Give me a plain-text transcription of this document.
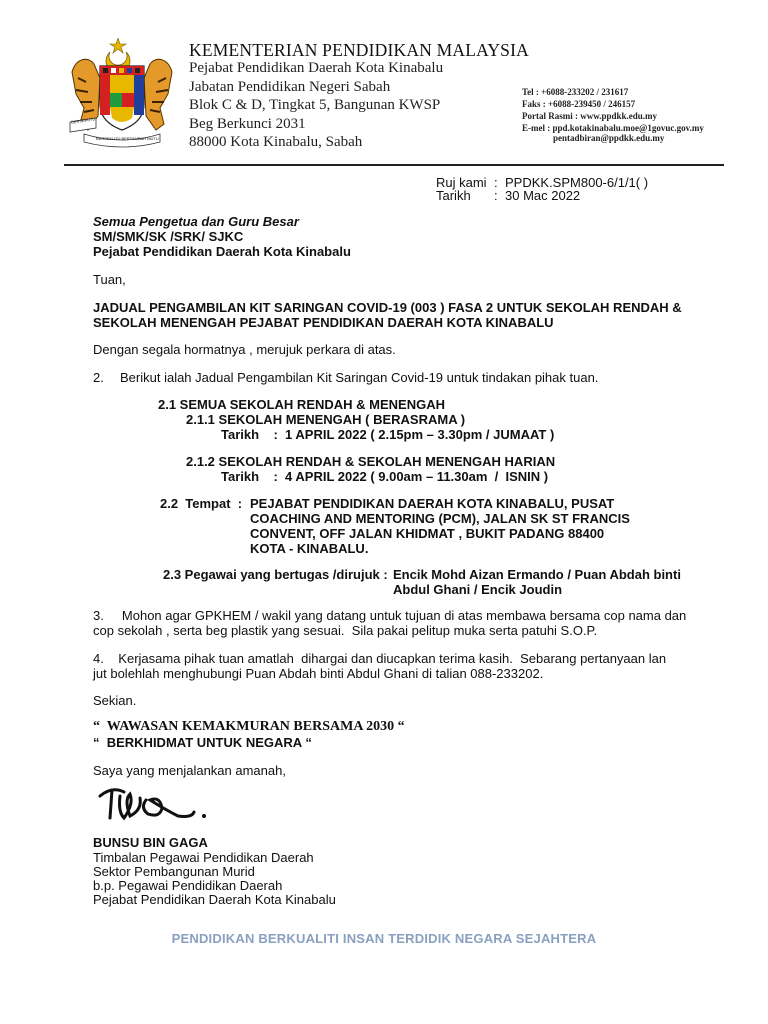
BERSEKUTU
BERSEKUTU BERTAMBAH MUTU
KEMENTERIAN PENDIDIKAN MALAYSIA
Pejabat Pendidikan Daerah Kota Kinabalu
Jabatan Pendidikan Negeri Sabah
Blok C & D, Tingkat 5, Bangunan KWSP
Beg Berkunci 2031
88000 Kota Kinabalu, Sabah
Tel : +6088-233202 / 231617
Faks : +6088-239450 / 246157
Portal Rasmi : www.ppdkk.edu.my
E-mel : ppd.kotakinabalu.moe@1govuc.gov.my
pentadbiran@ppdkk.edu.my
Ruj kami : PPDKK.SPM800-6/1/1( )
Tarikh : 30 Mac 2022
Semua Pengetua dan Guru Besar
SM/SMK/SK /SRK/ SJKC
Pejabat Pendidikan Daerah Kota Kinabalu
Tuan,
JADUAL PENGAMBILAN KIT SARINGAN COVID-19 (003 ) FASA 2 UNTUK SEKOLAH RENDAH &
SEKOLAH MENENGAH PEJABAT PENDIDIKAN DAERAH KOTA KINABALU
Dengan segala hormatnya , merujuk perkara di atas.
2. Berikut ialah Jadual Pengambilan Kit Saringan Covid-19 untuk tindakan pihak tuan.
2.1 SEMUA SEKOLAH RENDAH & MENENGAH
2.1.1 SEKOLAH MENENGAH ( BERASRAMA )
Tarikh    :  1 APRIL 2022 ( 2.15pm – 3.30pm / JUMAAT )
2.1.2 SEKOLAH RENDAH & SEKOLAH MENENGAH HARIAN
Tarikh    :  4 APRIL 2022 ( 9.00am – 11.30am  /  ISNIN )
2.2  Tempat  : PEJABAT PENDIDIKAN DAERAH KOTA KINABALU, PUSAT
COACHING AND MENTORING (PCM), JALAN SK ST FRANCIS
CONVENT, OFF JALAN KHIDMAT , BUKIT PADANG 88400
KOTA - KINABALU.
2.3 Pegawai yang bertugas /dirujuk : Encik Mohd Aizan Ermando / Puan Abdah binti
Abdul Ghani / Encik Joudin
3.     Mohon agar GPKHEM / wakil yang datang untuk tujuan di atas membawa bersama cop nama dan
cop sekolah , serta beg plastik yang sesuai.  Sila pakai pelitup muka serta patuhi S.O.P.
4.    Kerjasama pihak tuan amatlah  dihargai dan diucapkan terima kasih.  Sebarang pertanyaan lan
jut bolehlah menghubungi Puan Abdah binti Abdul Ghani di talian 088-233202.
Sekian.
“  WAWASAN KEMAKMURAN BERSAMA 2030 “
“  BERKHIDMAT UNTUK NEGARA “
Saya yang menjalankan amanah,
BUNSU BIN GAGA
Timbalan Pegawai Pendidikan Daerah
Sektor Pembangunan Murid
b.p. Pegawai Pendidikan Daerah
Pejabat Pendidikan Daerah Kota Kinabalu
PENDIDIKAN BERKUALITI INSAN TERDIDIK NEGARA SEJAHTERA
